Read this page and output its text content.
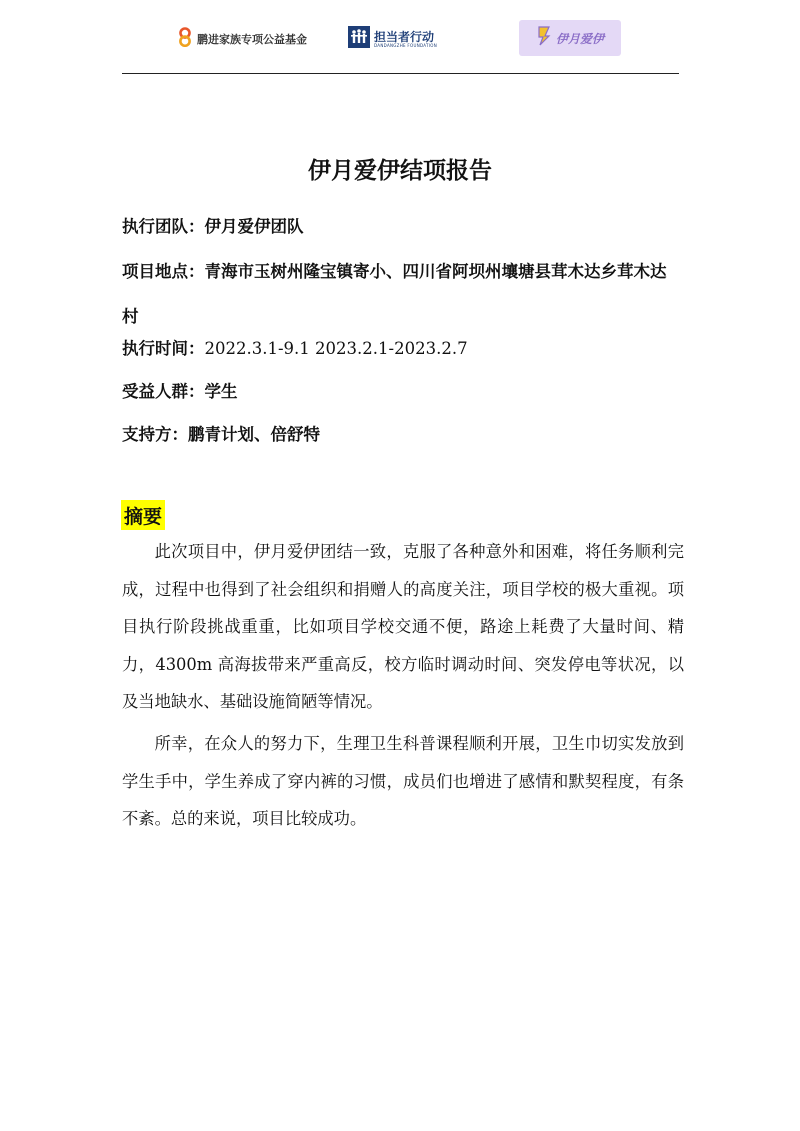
鹏进家族专项公益基金	担当者行动
DANDANGZHE FOUNDATION	伊月爱伊
伊月爱伊结项报告
执行团队：伊月爱伊团队
项目地点：青海市玉树州隆宝镇寄小、四川省阿坝州壤塘县茸木达乡茸木达村
执行时间：2022.3.1-9.1 2023.2.1-2023.2.7
受益人群：学生
支持方：鹏青计划、倍舒特
摘要
此次项目中，伊月爱伊团结一致，克服了各种意外和困难，将任务顺利完成，过程中也得到了社会组织和捐赠人的高度关注，项目学校的极大重视。项目执行阶段挑战重重，比如项目学校交通不便，路途上耗费了大量时间、精力，4300m 高海拔带来严重高反，校方临时调动时间、突发停电等状况，以及当地缺水、基础设施简陋等情况。
所幸，在众人的努力下，生理卫生科普课程顺利开展，卫生巾切实发放到学生手中，学生养成了穿内裤的习惯，成员们也增进了感情和默契程度，有条不紊。总的来说，项目比较成功。
